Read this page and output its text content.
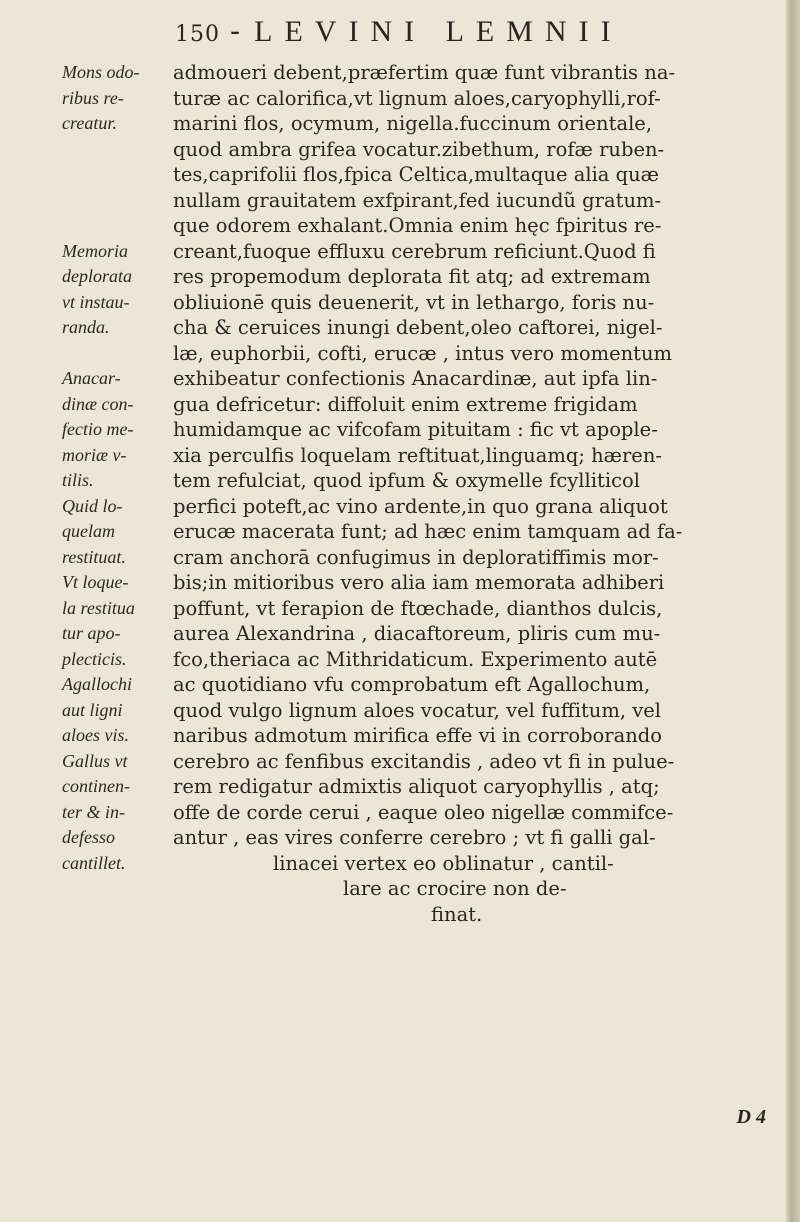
150 - LEVINI LEMNII
Mons odo-
ribus re-
creatur.

Memoria
deplorata
vt instau-
randa.

Anacar-
dinæ con-
fectio me-
moriæ v-
tilis.
Quid lo-
quelam
restituat.
Vt loque-
la restitua
tur apo-
plecticis.
Agallochi
aut ligni
aloes vis.
Gallus vt
continen-
ter & in-
defesso
cantillet.
admoueri debent,præfertim quæ funt vibrantis na-
turæ ac calorifica,vt lignum aloes,caryophylli,rof-
marini flos, ocymum, nigella.fuccinum orientale,
quod ambra grifea vocatur.zibethum, rofæ ruben-
tes,caprifolii flos,fpica Celtica,multaque alia quæ
nullam grauitatem exfpirant,fed iucundũ gratum-
que odorem exhalant.Omnia enim hęc fpiritus re-
creant,fuoque effluxu cerebrum reficiunt.Quod fi
res propemodum deplorata fit atq; ad extremam
obliuionē quis deuenerit, vt in lethargo, foris nu-
cha & ceruices inungi debent,oleo caftorei, nigel-
læ, euphorbii, cofti, erucæ , intus vero momentum
exhibeatur confectionis Anacardinæ, aut ipfa lin-
gua defricetur: diffoluit enim extreme frigidam
humidamque ac vifcofam pituitam : fic vt apople-
xia perculfis loquelam reftituat,linguamq; hæren-
tem refulciat, quod ipfum & oxymelle fcylliticol
perfici poteft,ac vino ardente,in quo grana aliquot
erucæ macerata funt; ad hæc enim tamquam ad fa-
cram anchorā confugimus in deploratiffimis mor-
bis;in mitioribus vero alia iam memorata adhiberi
poffunt, vt ferapion de ftœchade, dianthos dulcis,
aurea Alexandrina , diacaftoreum, pliris cum mu-
fco,theriaca ac Mithridaticum. Experimento autē
ac quotidiano vfu comprobatum eft Agallochum,
quod vulgo lignum aloes vocatur, vel fuffitum, vel
naribus admotum mirifica effe vi in corroborando
cerebro ac fenfibus excitandis , adeo vt fi in pulue-
rem redigatur admixtis aliquot caryophyllis , atq;
offe de corde cerui , eaque oleo nigellæ commifce-
antur , eas vires conferre cerebro ; vt fi galli gal-
linacei vertex eo oblinatur , cantil-
lare ac crocire non de-
finat.
D 4
